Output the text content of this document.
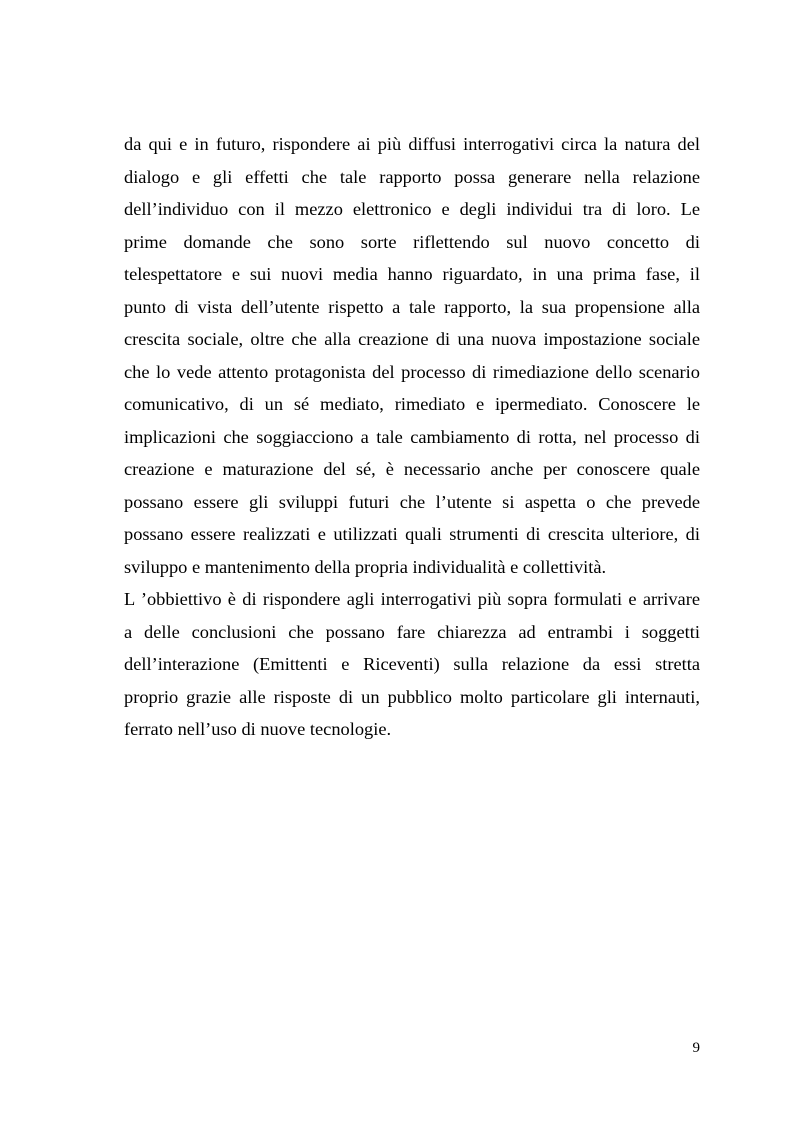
da qui e in futuro, rispondere ai più diffusi interrogativi circa la natura del
dialogo e gli effetti che tale rapporto possa generare nella relazione
dell’individuo con il mezzo elettronico e degli individui tra di loro. Le
prime domande che sono sorte riflettendo sul nuovo concetto di
telespettatore e sui nuovi media hanno riguardato, in una prima fase, il
punto di vista dell’utente rispetto a tale rapporto, la sua propensione alla
crescita sociale, oltre che alla creazione di una nuova impostazione sociale
che lo vede attento protagonista del processo di rimediazione dello scenario
comunicativo, di un sé mediato, rimediato e ipermediato. Conoscere le
implicazioni che soggiacciono a tale cambiamento di rotta, nel processo di
creazione e maturazione del sé, è necessario anche per conoscere quale
possano essere gli sviluppi futuri che l’utente si aspetta o che prevede
possano essere realizzati e utilizzati quali strumenti di crescita ulteriore, di
sviluppo e mantenimento della propria individualità e collettività.

L ’obbiettivo è di rispondere agli interrogativi più sopra formulati e arrivare
a delle conclusioni che possano fare chiarezza ad entrambi i soggetti
dell’interazione (Emittenti e Riceventi) sulla relazione da essi stretta
proprio grazie alle risposte di un pubblico molto particolare gli internauti,
ferrato nell’uso di nuove tecnologie.

9
